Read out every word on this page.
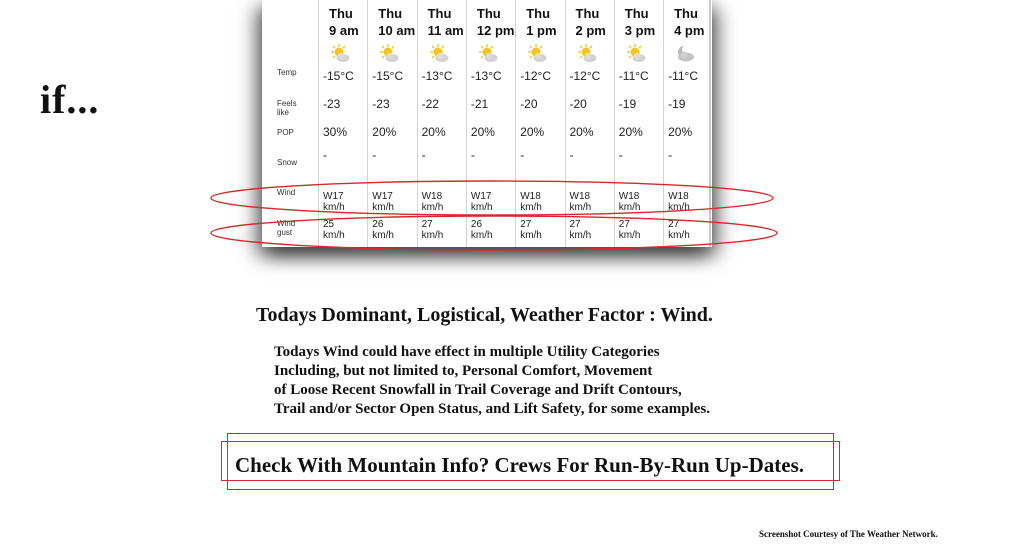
if...
Temp
Feels
like
POP
Snow
Wind
Wind
gust
Thu
9 am
-15°C
-23
30%
-
W17
km/h
25
km/h
Thu
10 am
-15°C
-23
20%
-
W17
km/h
26
km/h
Thu
11 am
-13°C
-22
20%
-
W18
km/h
27
km/h
Thu
12 pm
-13°C
-21
20%
-
W17
km/h
26
km/h
Thu
1 pm
-12°C
-20
20%
-
W18
km/h
27
km/h
Thu
2 pm
-12°C
-20
20%
-
W18
km/h
27
km/h
Thu
3 pm
-11°C
-19
20%
-
W18
km/h
27
km/h
Thu
4 pm
-11°C
-19
20%
-
W18
km/h
27
km/h
Todays Dominant, Logistical, Weather Factor : Wind.
Todays Wind could have effect in multiple Utility Categories
Including, but not limited to, Personal Comfort, Movement
of Loose Recent Snowfall in Trail Coverage and Drift Contours,
Trail and/or Sector Open Status, and Lift Safety, for some examples.
Check With Mountain Info? Crews For Run-By-Run Up-Dates.
Screenshot Courtesy of The Weather Network.
